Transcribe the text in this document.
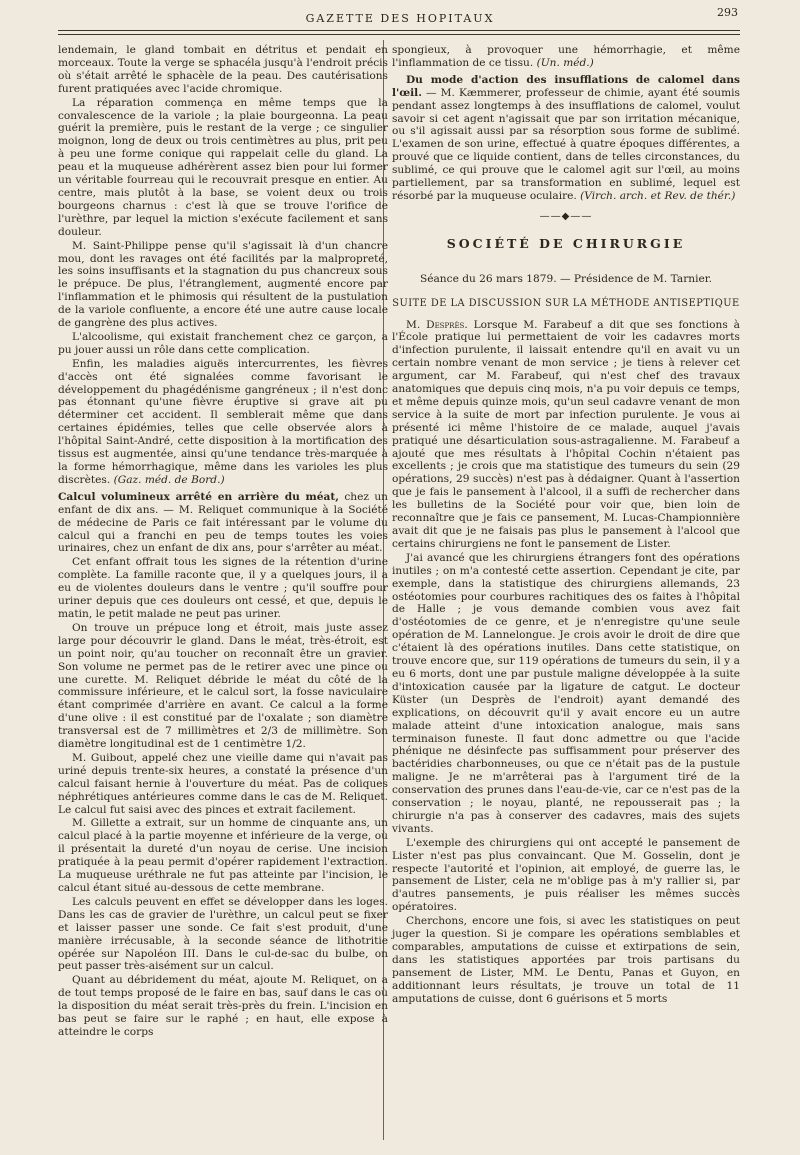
GAZETTE DES HOPITAUX	293

lendemain, le gland tombait en détritus et pendait en morceaux. Toute la verge se sphacéla jusqu'à l'endroit précis où s'était arrêté le sphacèle de la peau. Des cautérisations furent pratiquées avec l'acide chromique.

La réparation commença en même temps que la convalescence de la variole ; la plaie bourgeonna. La peau guérit la première, puis le restant de la verge ; ce singulier moignon, long de deux ou trois centimètres au plus, prit peu à peu une forme conique qui rappelait celle du gland. La peau et la muqueuse adhérèrent assez bien pour lui former un véritable fourreau qui le recouvrait presque en entier. Au centre, mais plutôt à la base, se voient deux ou trois bourgeons charnus : c'est là que se trouve l'orifice de l'urèthre, par lequel la miction s'exécute facilement et sans douleur.

M. Saint-Philippe pense qu'il s'agissait là d'un chancre mou, dont les ravages ont été facilités par la malpropreté, les soins insuffisants et la stagnation du pus chancreux sous le prépuce. De plus, l'étranglement, augmenté encore par l'inflammation et le phimosis qui résultent de la pustulation de la variole confluente, a encore été une autre cause locale de gangrène des plus actives.

L'alcoolisme, qui existait franchement chez ce garçon, a pu jouer aussi un rôle dans cette complication.

Enfin, les maladies aiguës intercurrentes, les fièvres d'accès ont été signalées comme favorisant le développement du phagédénisme gangréneux ; il n'est donc pas étonnant qu'une fièvre éruptive si grave ait pu déterminer cet accident. Il semblerait même que dans certaines épidémies, telles que celle observée alors à l'hôpital Saint-André, cette disposition à la mortification des tissus est augmentée, ainsi qu'une tendance très-marquée à la forme hémorrhagique, même dans les varioles les plus discrètes. (Gaz. méd. de Bord.)

Calcul volumineux arrêté en arrière du méat, chez un enfant de dix ans. — M. Reliquet communique à la Société de médecine de Paris ce fait intéressant par le volume du calcul qui a franchi en peu de temps toutes les voies urinaires, chez un enfant de dix ans, pour s'arrêter au méat.

Cet enfant offrait tous les signes de la rétention d'urine complète. La famille raconte que, il y a quelques jours, il a eu de violentes douleurs dans le ventre ; qu'il souffre pour uriner depuis que ces douleurs ont cessé, et que, depuis le matin, le petit malade ne peut pas uriner.

On trouve un prépuce long et étroit, mais juste assez large pour découvrir le gland. Dans le méat, très-étroit, est un point noir, qu'au toucher on reconnaît être un gravier. Son volume ne permet pas de le retirer avec une pince ou une curette. M. Reliquet débride le méat du côté de la commissure inférieure, et le calcul sort, la fosse naviculaire étant comprimée d'arrière en avant. Ce calcul a la forme d'une olive : il est constitué par de l'oxalate ; son diamètre transversal est de 7 millimètres et 2/3 de millimètre. Son diamètre longitudinal est de 1 centimètre 1/2.

M. Guibout, appelé chez une vieille dame qui n'avait pas uriné depuis trente-six heures, a constaté la présence d'un calcul faisant hernie à l'ouverture du méat. Pas de coliques néphrétiques antérieures comme dans le cas de M. Reliquet. Le calcul fut saisi avec des pinces et extrait facilement.

M. Gillette a extrait, sur un homme de cinquante ans, un calcul placé à la partie moyenne et inférieure de la verge, où il présentait la dureté d'un noyau de cerise. Une incision pratiquée à la peau permit d'opérer rapidement l'extraction. La muqueuse uréthrale ne fut pas atteinte par l'incision, le calcul étant situé au-dessous de cette membrane.

Les calculs peuvent en effet se développer dans les loges. Dans les cas de gravier de l'urèthre, un calcul peut se fixer et laisser passer une sonde. Ce fait s'est produit, d'une manière irrécusable, à la seconde séance de lithotritie opérée sur Napoléon III. Dans le cul-de-sac du bulbe, on peut passer très-aisément sur un calcul.

Quant au débridement du méat, ajoute M. Reliquet, on a de tout temps proposé de le faire en bas, sauf dans le cas où la disposition du méat serait très-près du frein. L'incision en bas peut se faire sur le raphé ; en haut, elle expose à atteindre le corps

spongieux, à provoquer une hémorrhagie, et même l'inflammation de ce tissu. (Un. méd.)

Du mode d'action des insufflations de calomel dans l'œil. — M. Kæmmerer, professeur de chimie, ayant été soumis pendant assez longtemps à des insufflations de calomel, voulut savoir si cet agent n'agissait que par son irritation mécanique, ou s'il agissait aussi par sa résorption sous forme de sublimé. L'examen de son urine, effectué à quatre époques différentes, a prouvé que ce liquide contient, dans de telles circonstances, du sublimé, ce qui prouve que le calomel agit sur l'œil, au moins partiellement, par sa transformation en sublimé, lequel est résorbé par la muqueuse oculaire. (Virch. arch. et Rev. de thér.)

——◆——
SOCIÉTÉ DE CHIRURGIE
Séance du 26 mars 1879. — Présidence de M. Tarnier.
SUITE DE LA DISCUSSION SUR LA MÉTHODE ANTISEPTIQUE

M. Desprès. Lorsque M. Farabeuf a dit que ses fonctions à l'École pratique lui permettaient de voir les cadavres morts d'infection purulente, il laissait entendre qu'il en avait vu un certain nombre venant de mon service ; je tiens à relever cet argument, car M. Farabeuf, qui n'est chef des travaux anatomiques que depuis cinq mois, n'a pu voir depuis ce temps, et même depuis quinze mois, qu'un seul cadavre venant de mon service à la suite de mort par infection purulente. Je vous ai présenté ici même l'histoire de ce malade, auquel j'avais pratiqué une désarticulation sous-astragalienne. M. Farabeuf a ajouté que mes résultats à l'hôpital Cochin n'étaient pas excellents ; je crois que ma statistique des tumeurs du sein (29 opérations, 29 succès) n'est pas à dédaigner. Quant à l'assertion que je fais le pansement à l'alcool, il a suffi de rechercher dans les bulletins de la Société pour voir que, bien loin de reconnaître que je fais ce pansement, M. Lucas-Championnière avait dit que je ne faisais pas plus le pansement à l'alcool que certains chirurgiens ne font le pansement de Lister.

J'ai avancé que les chirurgiens étrangers font des opérations inutiles ; on m'a contesté cette assertion. Cependant je cite, par exemple, dans la statistique des chirurgiens allemands, 23 ostéotomies pour courbures rachitiques des os faites à l'hôpital de Halle ; je vous demande combien vous avez fait d'ostéotomies de ce genre, et je n'enregistre qu'une seule opération de M. Lannelongue. Je crois avoir le droit de dire que c'étaient là des opérations inutiles. Dans cette statistique, on trouve encore que, sur 119 opérations de tumeurs du sein, il y a eu 6 morts, dont une par pustule maligne développée à la suite d'intoxication causée par la ligature de catgut. Le docteur Küster (un Desprès de l'endroit) ayant demandé des explications, on découvrit qu'il y avait encore eu un autre malade atteint d'une intoxication analogue, mais sans terminaison funeste. Il faut donc admettre ou que l'acide phénique ne désinfecte pas suffisamment pour préserver des bactéridies charbonneuses, ou que ce n'était pas de la pustule maligne. Je ne m'arrêterai pas à l'argument tiré de la conservation des prunes dans l'eau-de-vie, car ce n'est pas de la conservation ; le noyau, planté, ne repousserait pas ; la chirurgie n'a pas à conserver des cadavres, mais des sujets vivants.

L'exemple des chirurgiens qui ont accepté le pansement de Lister n'est pas plus convaincant. Que M. Gosselin, dont je respecte l'autorité et l'opinion, ait employé, de guerre las, le pansement de Lister, cela ne m'oblige pas à m'y rallier si, par d'autres pansements, je puis réaliser les mêmes succès opératoires.

Cherchons, encore une fois, si avec les statistiques on peut juger la question. Si je compare les opérations semblables et comparables, amputations de cuisse et extirpations de sein, dans les statistiques apportées par trois partisans du pansement de Lister, MM. Le Dentu, Panas et Guyon, en additionnant leurs résultats, je trouve un total de 11 amputations de cuisse, dont 6 guérisons et 5 morts
